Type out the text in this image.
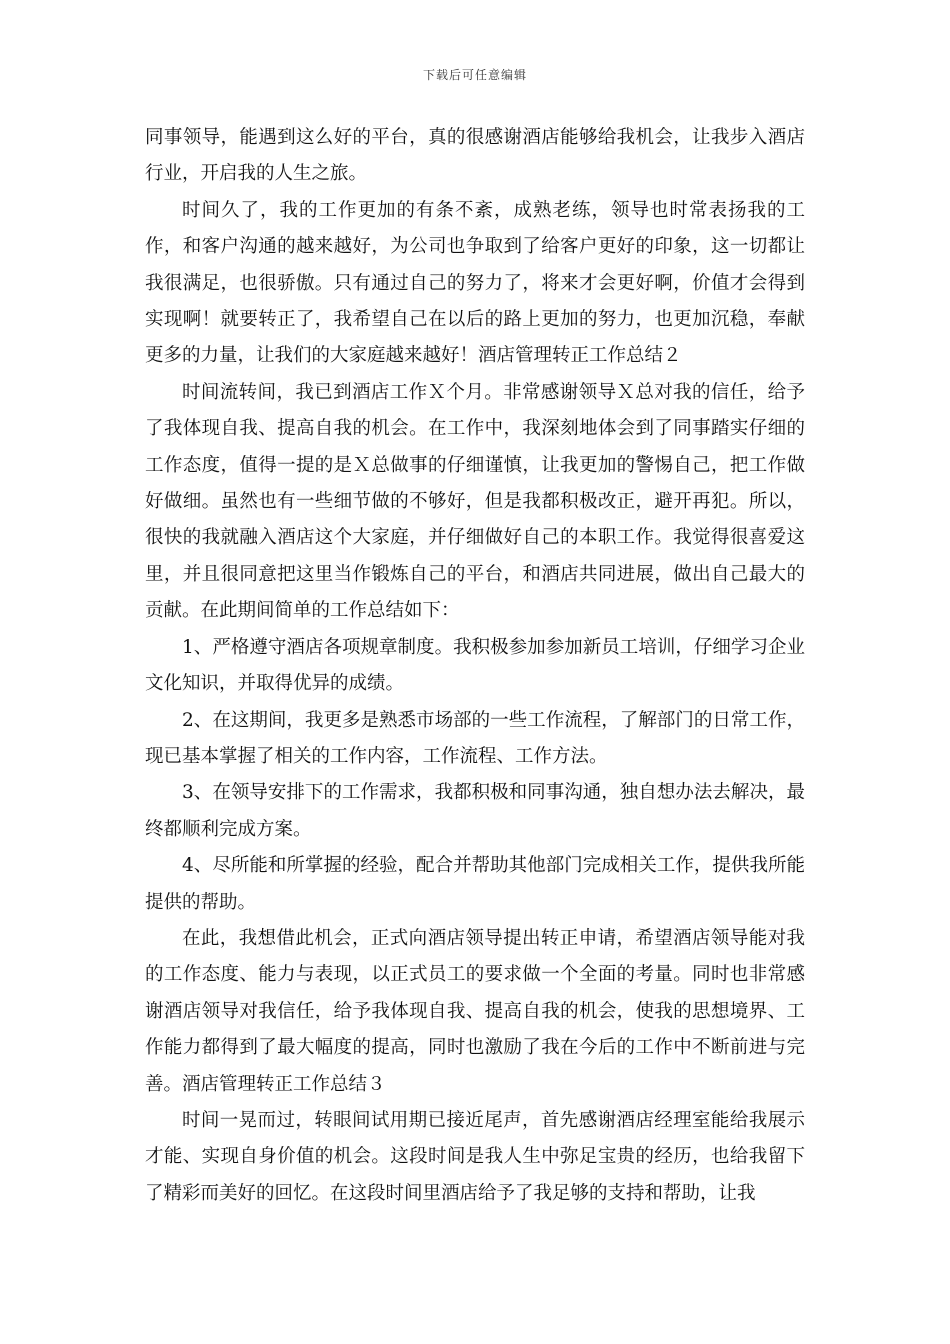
下载后可任意编辑

同事领导，能遇到这么好的平台，真的很感谢酒店能够给我机会，让我步入酒店行业，开启我的人生之旅。

时间久了，我的工作更加的有条不紊，成熟老练，领导也时常表扬我的工作，和客户沟通的越来越好，为公司也争取到了给客户更好的印象，这一切都让我很满足，也很骄傲。只有通过自己的努力了，将来才会更好啊，价值才会得到实现啊！就要转正了，我希望自己在以后的路上更加的努力，也更加沉稳，奉献更多的力量，让我们的大家庭越来越好！酒店管理转正工作总结２

时间流转间，我已到酒店工作Ｘ个月。非常感谢领导Ｘ总对我的信任，给予了我体现自我、提高自我的机会。在工作中，我深刻地体会到了同事踏实仔细的工作态度，值得一提的是Ｘ总做事的仔细谨慎，让我更加的警惕自己，把工作做好做细。虽然也有一些细节做的不够好，但是我都积极改正，避开再犯。所以，很快的我就融入酒店这个大家庭，并仔细做好自己的本职工作。我觉得很喜爱这里，并且很同意把这里当作锻炼自己的平台，和酒店共同进展，做出自己最大的贡献。在此期间简单的工作总结如下：

1、严格遵守酒店各项规章制度。我积极参加参加新员工培训，仔细学习企业文化知识，并取得优异的成绩。

2、在这期间，我更多是熟悉市场部的一些工作流程，了解部门的日常工作，现已基本掌握了相关的工作内容，工作流程、工作方法。

3、在领导安排下的工作需求，我都积极和同事沟通，独自想办法去解决，最终都顺利完成方案。

4、尽所能和所掌握的经验，配合并帮助其他部门完成相关工作，提供我所能提供的帮助。

在此，我想借此机会，正式向酒店领导提出转正申请，希望酒店领导能对我的工作态度、能力与表现，以正式员工的要求做一个全面的考量。同时也非常感谢酒店领导对我信任，给予我体现自我、提高自我的机会，使我的思想境界、工作能力都得到了最大幅度的提高，同时也激励了我在今后的工作中不断前进与完善。酒店管理转正工作总结３

时间一晃而过，转眼间试用期已接近尾声，首先感谢酒店经理室能给我展示才能、实现自身价值的机会。这段时间是我人生中弥足宝贵的经历，也给我留下了精彩而美好的回忆。在这段时间里酒店给予了我足够的支持和帮助，让我
